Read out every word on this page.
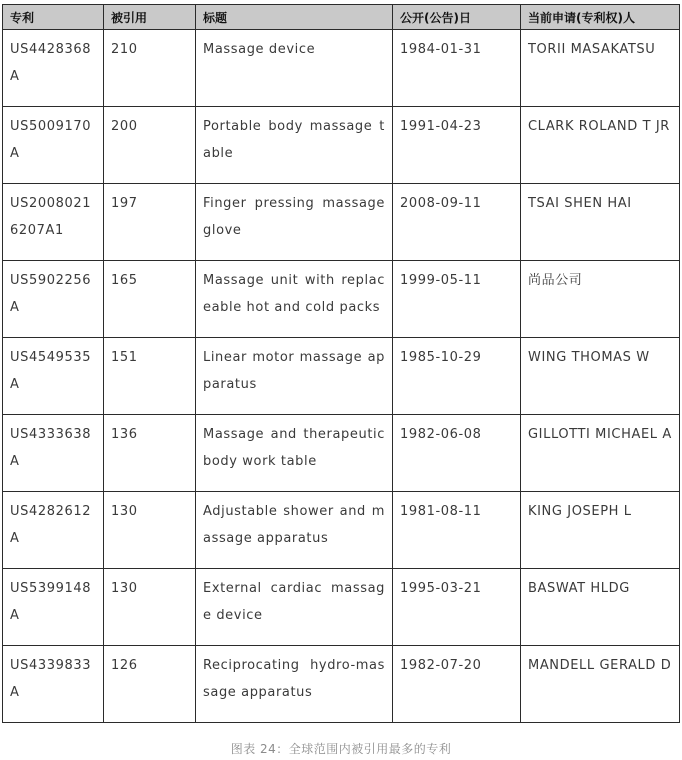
专利	被引用	标题	公开(公告)日	当前申请(专利权)人
US4428368A	210	Massage device	1984-01-31	TORII MASAKATSU
US5009170A	200	Portable body massage table	1991-04-23	CLARK ROLAND T JR
US20080216207A1	197	Finger pressing massage glove	2008-09-11	TSAI SHEN HAI
US5902256A	165	Massage unit with replaceable hot and cold packs	1999-05-11	尚品公司
US4549535A	151	Linear motor massage apparatus	1985-10-29	WING THOMAS W
US4333638A	136	Massage and therapeutic body work table	1982-06-08	GILLOTTI MICHAEL A
US4282612A	130	Adjustable shower and massage apparatus	1981-08-11	KING JOSEPH L
US5399148A	130	External cardiac massage device	1995-03-21	BASWAT HLDG
US4339833A	126	Reciprocating hydro-massage apparatus	1982-07-20	MANDELL GERALD D
图表 24：全球范围内被引用最多的专利
